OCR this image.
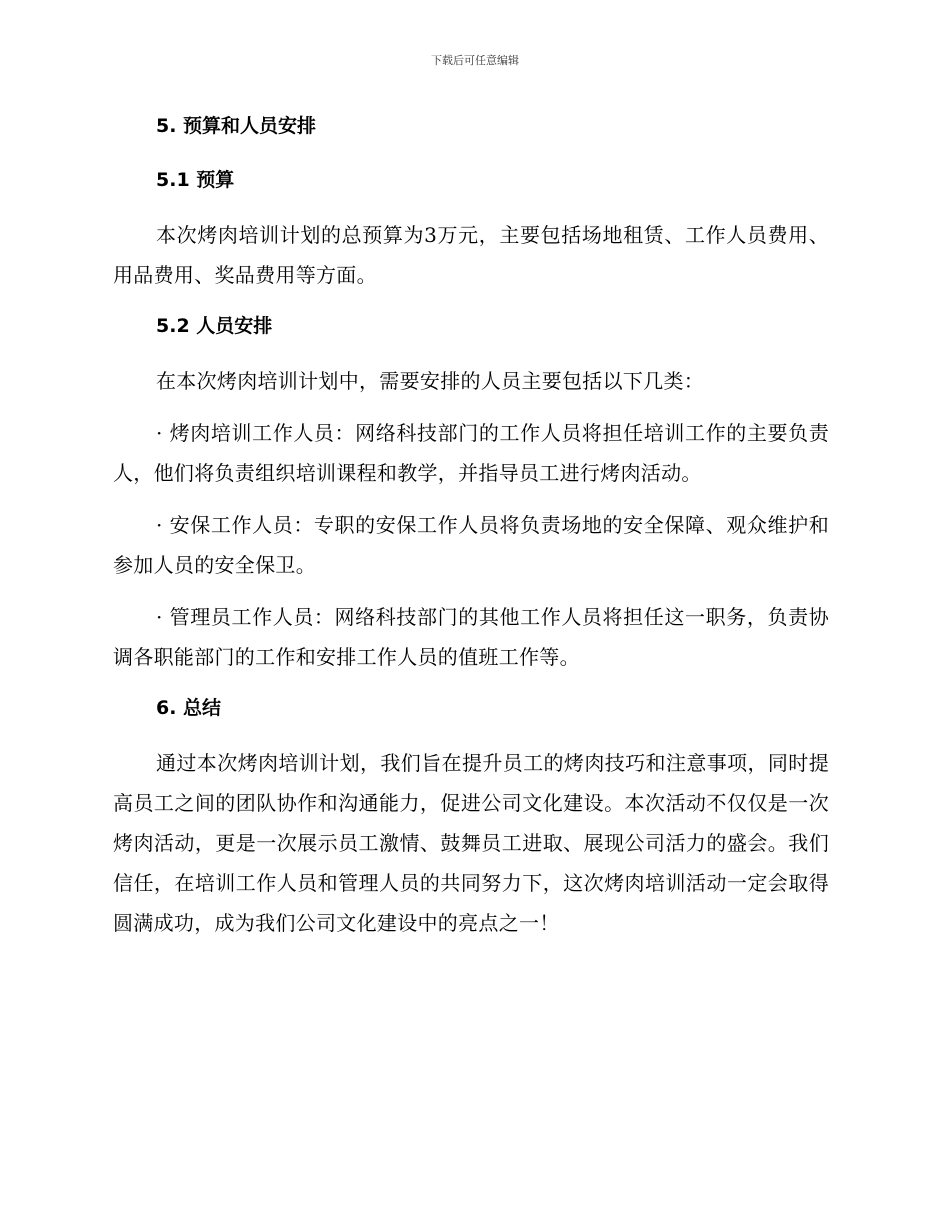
下载后可任意编辑
5. 预算和人员安排
5.1 预算
本次烤肉培训计划的总预算为3万元，主要包括场地租赁、工作人员费用、用品费用、奖品费用等方面。
5.2 人员安排
在本次烤肉培训计划中，需要安排的人员主要包括以下几类：
· 烤肉培训工作人员：网络科技部门的工作人员将担任培训工作的主要负责人，他们将负责组织培训课程和教学，并指导员工进行烤肉活动。
· 安保工作人员：专职的安保工作人员将负责场地的安全保障、观众维护和参加人员的安全保卫。
· 管理员工作人员：网络科技部门的其他工作人员将担任这一职务，负责协调各职能部门的工作和安排工作人员的值班工作等。
6. 总结
通过本次烤肉培训计划，我们旨在提升员工的烤肉技巧和注意事项，同时提高员工之间的团队协作和沟通能力，促进公司文化建设。本次活动不仅仅是一次烤肉活动，更是一次展示员工激情、鼓舞员工进取、展现公司活力的盛会。我们信任，在培训工作人员和管理人员的共同努力下，这次烤肉培训活动一定会取得圆满成功，成为我们公司文化建设中的亮点之一！
